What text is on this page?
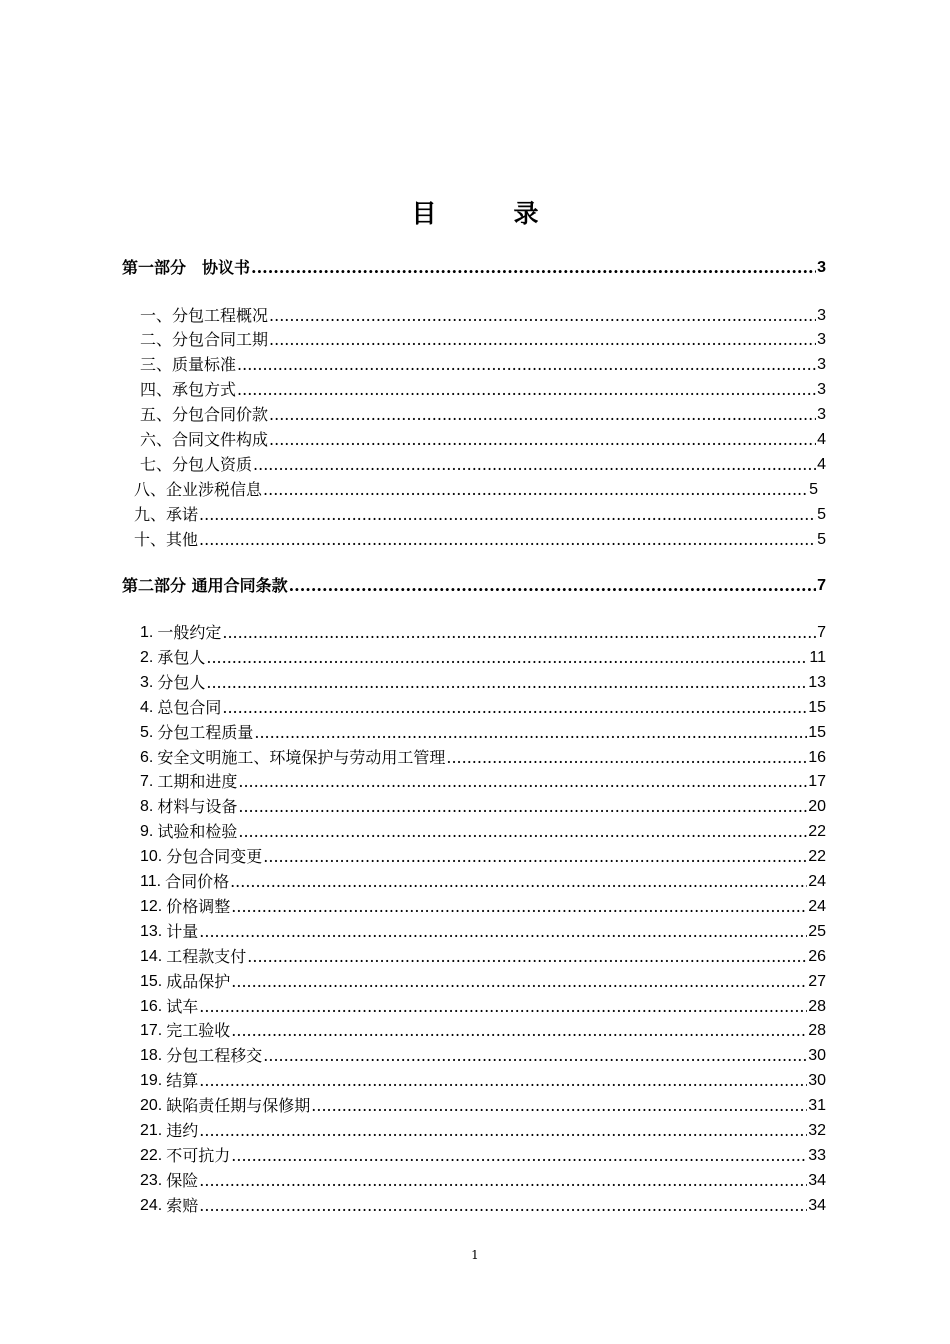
目　录
第一部分　协议书 .....	3
一、分包工程概况 .....	3
二、分包合同工期 .....	3
三、质量标准 .....	3
四、承包方式 .....	3
五、分包合同价款 .....	3
六、合同文件构成 .....	4
七、分包人资质 .....	4
八、企业涉税信息 .....	5
九、承诺 .....	5
十、其他 .....	5
第二部分 通用合同条款 .....	7
1. 一般约定 .....	7
2. 承包人 .....	11
3. 分包人 .....	13
4. 总包合同 .....	15
5. 分包工程质量 .....	15
6. 安全文明施工、环境保护与劳动用工管理 .....	16
7. 工期和进度 .....	17
8. 材料与设备 .....	20
9. 试验和检验 .....	22
10. 分包合同变更 .....	22
11. 合同价格 .....	24
12. 价格调整 .....	24
13. 计量 .....	25
14. 工程款支付 .....	26
15. 成品保护 .....	27
16. 试车 .....	28
17. 完工验收 .....	28
18. 分包工程移交 .....	30
19. 结算 .....	30
20. 缺陷责任期与保修期 .....	31
21. 违约 .....	32
22. 不可抗力 .....	33
23. 保险 .....	34
24. 索赔 .....	34
1
